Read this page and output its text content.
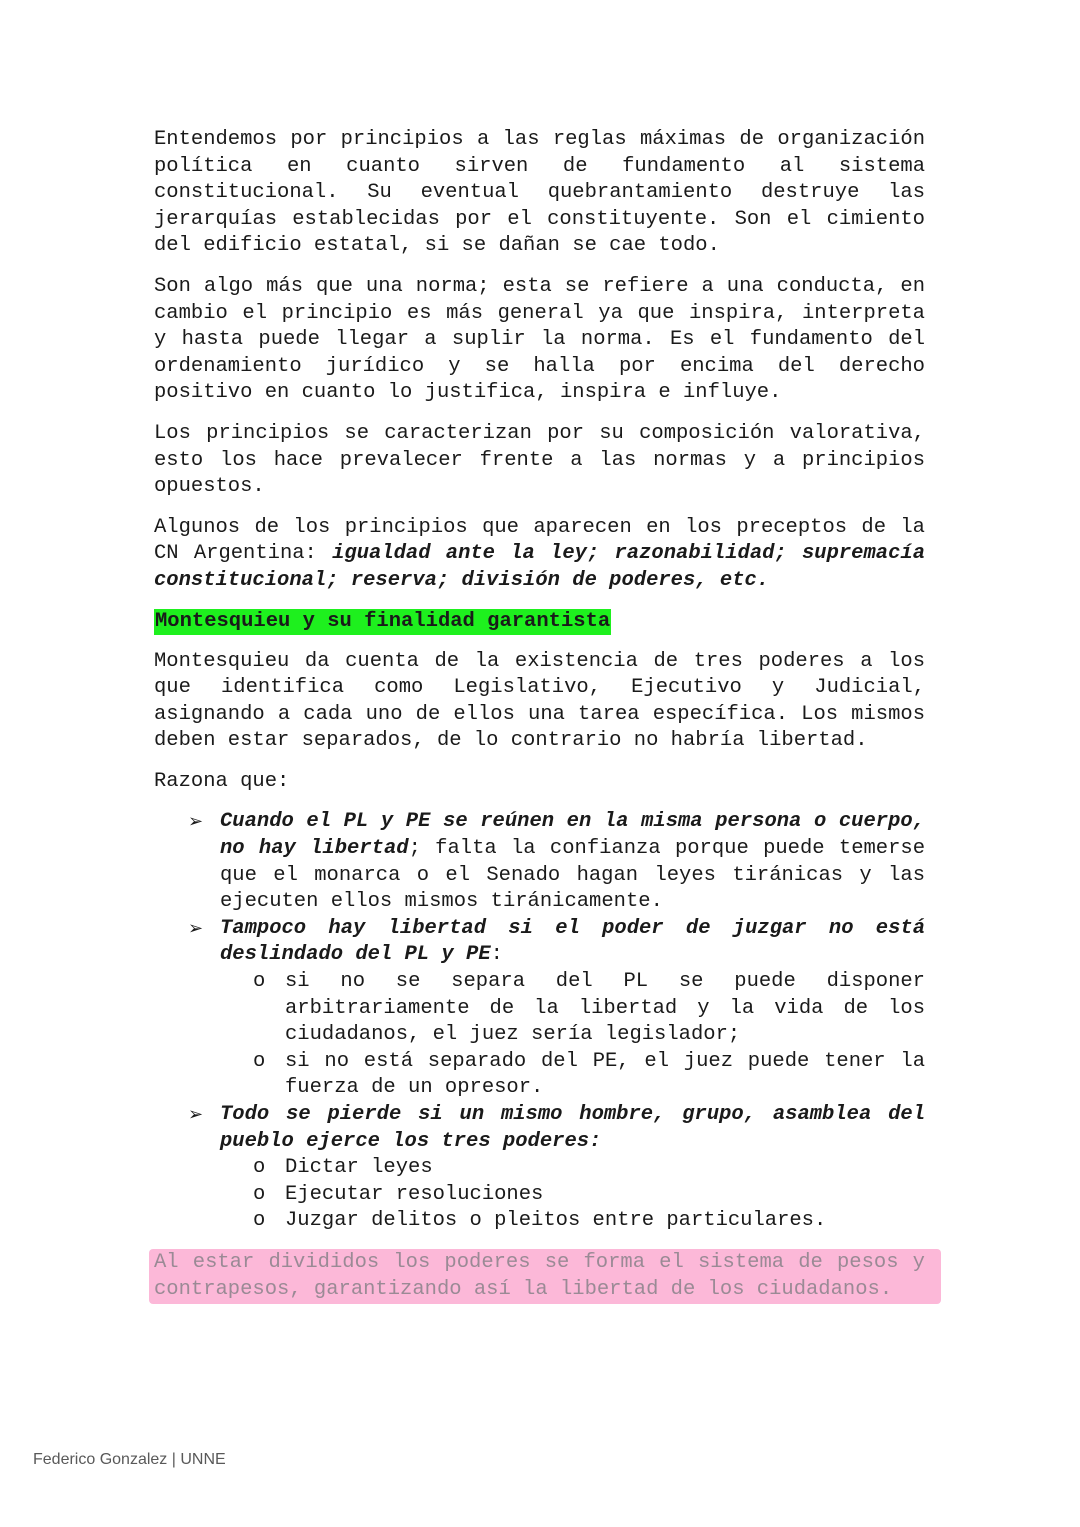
Entendemos por principios a las reglas máximas de organización política en cuanto sirven de fundamento al sistema constitucional. Su eventual quebrantamiento destruye las jerarquías establecidas por el constituyente. Son el cimiento del edificio estatal, si se dañan se cae todo.

Son algo más que una norma; esta se refiere a una conducta, en cambio el principio es más general ya que inspira, interpreta y hasta puede llegar a suplir la norma. Es el fundamento del ordenamiento jurídico y se halla por encima del derecho positivo en cuanto lo justifica, inspira e influye.

Los principios se caracterizan por su composición valorativa, esto los hace prevalecer frente a las normas y a principios opuestos.

Algunos de los principios que aparecen en los preceptos de la CN Argentina: igualdad ante la ley; razonabilidad; supremacía constitucional; reserva; división de poderes, etc.

Montesquieu y su finalidad garantista

Montesquieu da cuenta de la existencia de tres poderes a los que identifica como Legislativo, Ejecutivo y Judicial, asignando a cada uno de ellos una tarea específica. Los mismos deben estar separados, de lo contrario no habría libertad.

Razona que:

➢ Cuando el PL y PE se reúnen en la misma persona o cuerpo, no hay libertad; falta la confianza porque puede temerse que el monarca o el Senado hagan leyes tiránicas y las ejecuten ellos mismos tiránicamente.
➢ Tampoco hay libertad si el poder de juzgar no está deslindado del PL y PE:
o si no se separa del PL se puede disponer arbitrariamente de la libertad y la vida de los ciudadanos, el juez sería legislador;
o si no está separado del PE, el juez puede tener la fuerza de un opresor.
➢ Todo se pierde si un mismo hombre, grupo, asamblea del pueblo ejerce los tres poderes:
o Dictar leyes
o Ejecutar resoluciones
o Juzgar delitos o pleitos entre particulares.

Al estar divididos los poderes se forma el sistema de pesos y contrapesos, garantizando así la libertad de los ciudadanos.

Federico Gonzalez | UNNE
